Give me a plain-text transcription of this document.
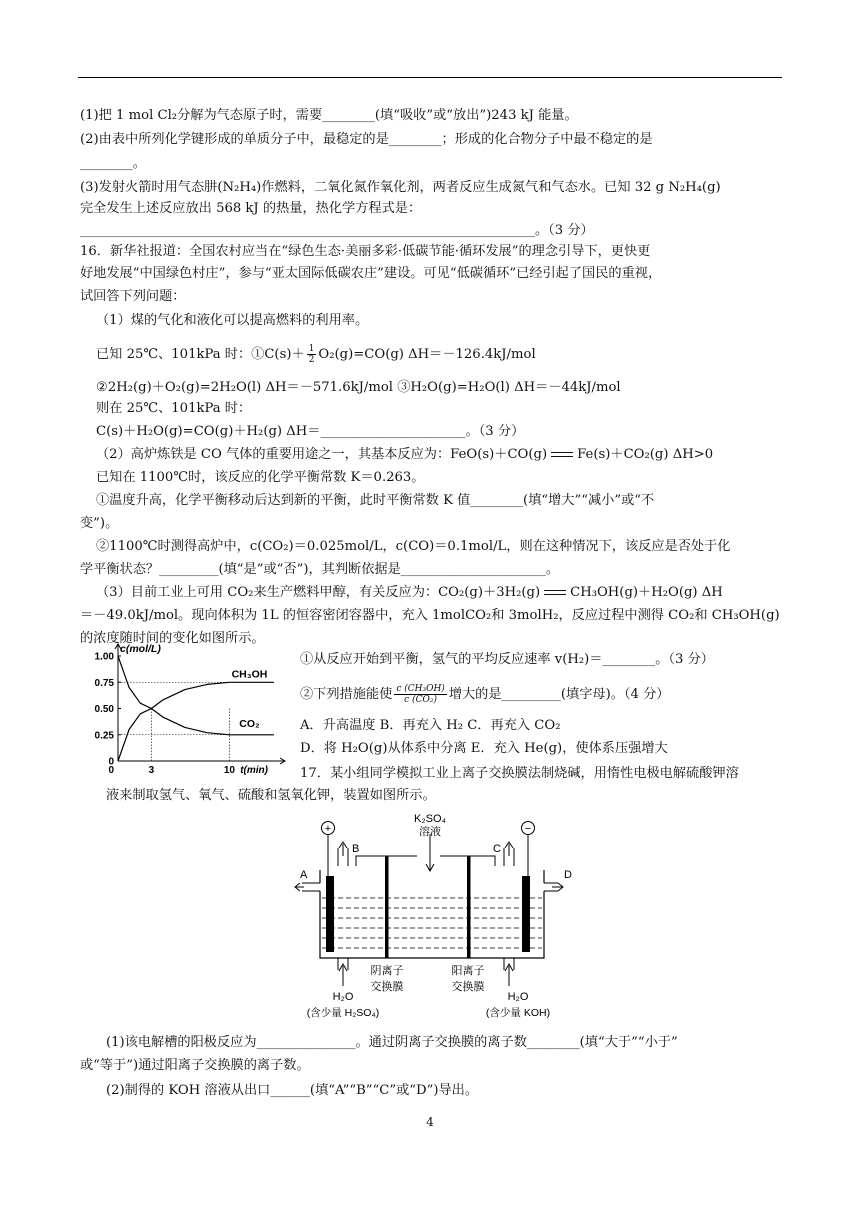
(1)把 1 mol Cl₂分解为气态原子时，需要________(填“吸收”或“放出”)243 kJ 能量。
(2)由表中所列化学键形成的单质分子中，最稳定的是________；形成的化合物分子中最不稳定的是
________。
(3)发射火箭时用气态肼(N₂H₄)作燃料，二氧化氮作氧化剂，两者反应生成氮气和气态水。已知 32 g N₂H₄(g)
完全发生上述反应放出 568 kJ 的热量，热化学方程式是：
_____________________________________________________________________。（3 分）
16．新华社报道：全国农村应当在“绿色生态·美丽多彩·低碳节能·循环发展”的理念引导下，更快更
好地发展“中国绿色村庄”，参与“亚太国际低碳农庄”建设。可见“低碳循环”已经引起了国民的重视，
试回答下列问题：
（1）煤的气化和液化可以提高燃料的利用率。
已知 25℃、101kPa 时：①C(s)＋ $\frac{1}{2} O_2(g)=CO(g)$ ΔH＝－126.4kJ/mol
②2H₂(g)＋O₂(g)=2H₂O(l) ΔH＝－571.6kJ/mol ③H₂O(g)=H₂O(l) ΔH＝－44kJ/mol
则在 25℃、101kPa 时：
C(s)＋H₂O(g)=CO(g)＋H₂(g) ΔH＝______________________。（3 分）
（2）高炉炼铁是 CO 气体的重要用途之一，其基本反应为：FeO(s)＋CO(g) Fe(s)＋CO₂(g) ΔH>0
已知在 1100℃时，该反应的化学平衡常数 K＝0.263。
①温度升高，化学平衡移动后达到新的平衡，此时平衡常数 K 值________(填“增大”“减小”或“不
变”)。
②1100℃时测得高炉中，c(CO₂)＝0.025mol/L，c(CO)＝0.1mol/L，则在这种情况下，该反应是否处于化
学平衡状态？_________(填“是”或“否”)，其判断依据是______________________。
（3）目前工业上可用 CO₂来生产燃料甲醇，有关反应为：CO₂(g)＋3H₂(g) CH₃OH(g)＋H₂O(g) ΔH
＝－49.0kJ/mol。现向体积为 1L 的恒容密闭容器中，充入 1molCO₂和 3molH₂，反应过程中测得 CO₂和 CH₃OH(g)
的浓度随时间的变化如图所示。
①从反应开始到平衡，氢气的平均反应速率 v(H₂)＝________。（3 分）
②下列措施能使 $\frac{\text{c (CH₃OH)}}{\text{c (CO₂)}}$ 增大的是_________(填字母)。（4 分）
A．升高温度 B．再充入 H₂ C．再充入 CO₂
D．将 H₂O(g)从体系中分离 E．充入 He(g)，使体系压强增大
0
0.25
0.50
0.75
1.00
3	10
0
c(mol/L)
t(min)
CH₃OH
CO₂
17．某小组同学模拟工业上离子交换膜法制烧碱，用惰性电极电解硫酸钾溶
液来制取氢气、氧气、硫酸和氢氧化钾，装置如图所示。
+	−
A	D
B	C
K₂SO₄
溶液
H₂O
(含少量 H₂SO₄)
H₂O
(含少量 KOH)
阴离子
交换膜
阳离子
交换膜
(1)该电解槽的阳极反应为_______________。通过阴离子交换膜的离子数________(填“大于”“小于”
或“等于”)通过阳离子交换膜的离子数。
(2)制得的 KOH 溶液从出口______(填“A”“B”“C”或“D”)导出。
4
